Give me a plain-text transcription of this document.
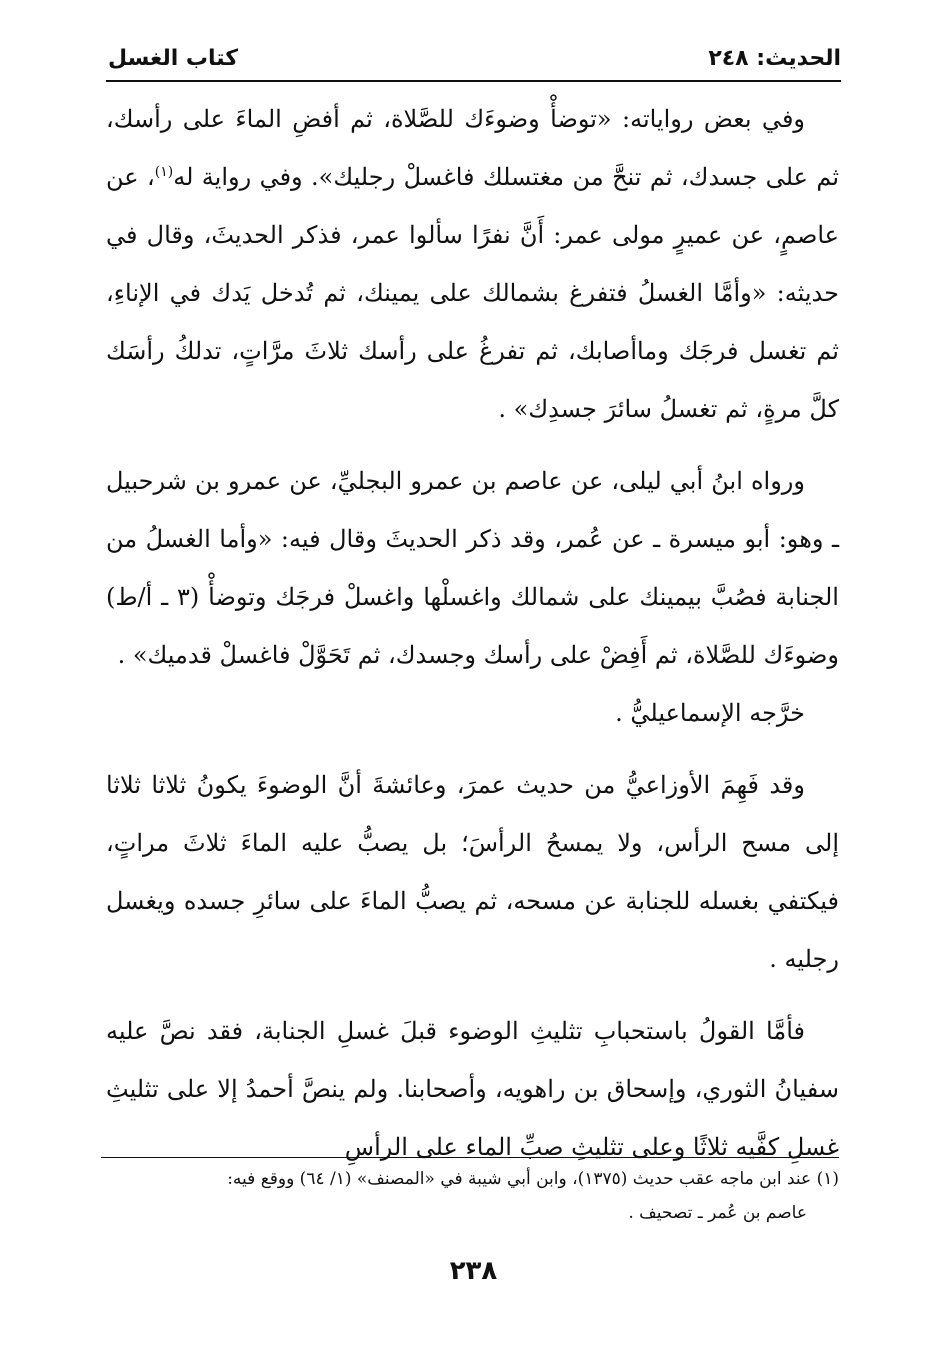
الحديث: ٢٤٨
كتاب الغسل

وفي بعض رواياته: «توضأْ وضوءَك للصَّلاة، ثم أفضِ الماءَ على رأسك، ثم على جسدك، ثم تنحَّ من مغتسلك فاغسلْ رجليك». وفي رواية له$^{(١)}$، عن عاصمٍ، عن عميرٍ مولى عمر: أَنَّ نفرًا سألوا عمر، فذكر الحديثَ، وقال في حديثه: «وأمَّا الغسلُ فتفرغ بشمالك على يمينك، ثم تُدخل يَدك في الإناءِ، ثم تغسل فرجَك وماأصابك، ثم تفرغُ على رأسك ثلاثَ مرَّاتٍ، تدلكُ رأسَك كلَّ مرةٍ، ثم تغسلُ سائرَ جسدِك» .

ورواه ابنُ أبي ليلى، عن عاصم بن عمرو البجليِّ، عن عمرو بن شرحبيل ـ وهو: أبو ميسرة ـ عن عُمر، وقد ذكر الحديثَ وقال فيه: «وأما الغسلُ من الجنابة فصُبَّ بيمينك على شمالك واغسلْها واغسلْ فرجَك وتوضأْ (٣ ـ أ/ط) وضوءَك للصَّلاة، ثم أَفِضْ على رأسك وجسدك، ثم تَحَوَّلْ فاغسلْ قدميك» .

خرَّجه الإسماعيليُّ .

وقد فَهِمَ الأوزاعيُّ من حديث عمرَ، وعائشةَ أنَّ الوضوءَ يكونُ ثلاثا ثلاثا إلى مسح الرأس، ولا يمسحُ الرأسَ؛ بل يصبُّ عليه الماءَ ثلاثَ مراتٍ، فيكتفي بغسله للجنابة عن مسحه، ثم يصبُّ الماءَ على سائرِ جسده ويغسل رجليه .

فأمَّا القولُ باستحبابِ تثليثِ الوضوء قبلَ غسلِ الجنابة، فقد نصَّ عليه سفيانُ الثوري، وإسحاق بن راهويه، وأصحابنا. ولم ينصَّ أحمدُ إلا على تثليثِ غسلِ كفَّيه ثلاثًا وعلى تثليثِ صبِّ الماء على الرأسِ

(١) عند ابن ماجه عقب حديث (١٣٧٥)، وابن أبي شيبة في «المصنف» (١/ ٦٤) ووقع فيه:

عاصم بن عُمر ـ تصحيف .

٢٣٨
